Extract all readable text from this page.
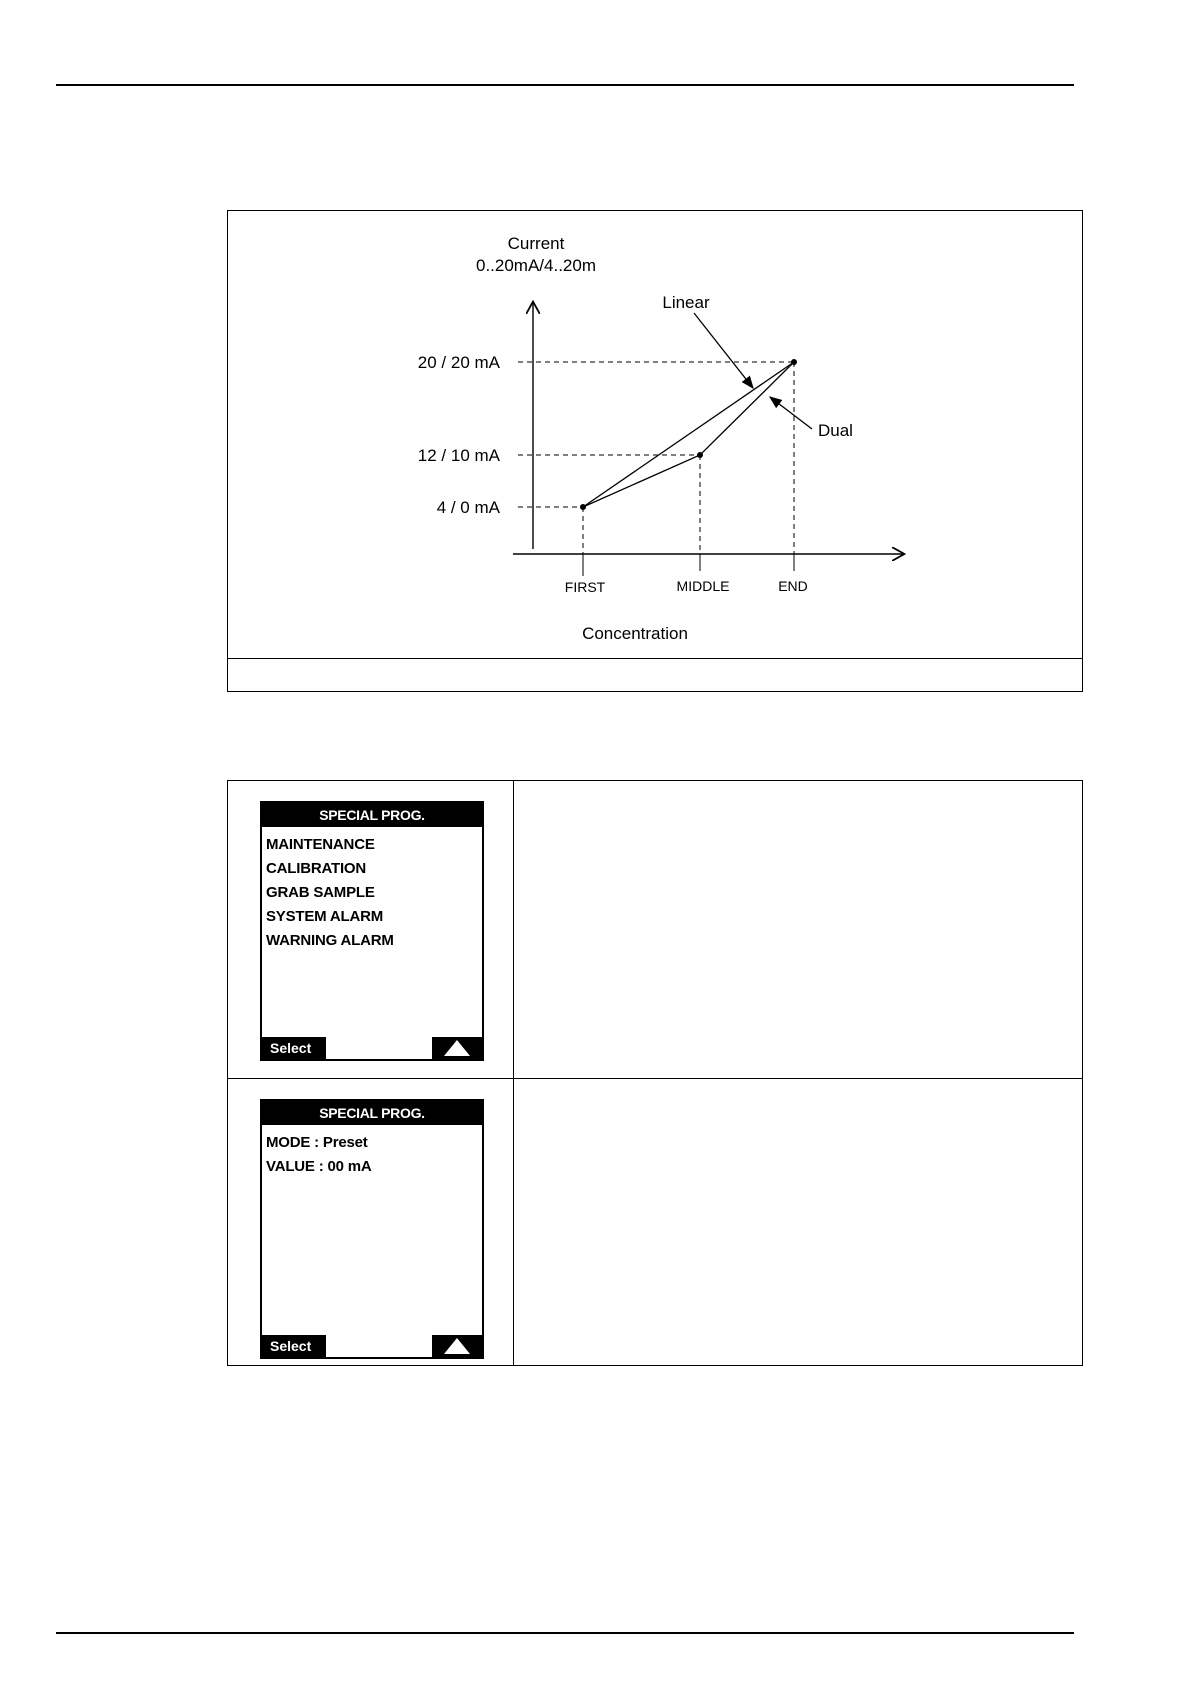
Current
0..20mA/4..20m
20 / 20 mA
12 / 10 mA
4 / 0 mA
Linear
Dual
Concentration
FIRST	MIDDLE	END
SPECIAL PROG.
MAINTENANCE
CALIBRATION
GRAB SAMPLE
SYSTEM ALARM
WARNING ALARM
Select
SPECIAL PROG.
MODE : Preset
VALUE : 00 mA
Select
